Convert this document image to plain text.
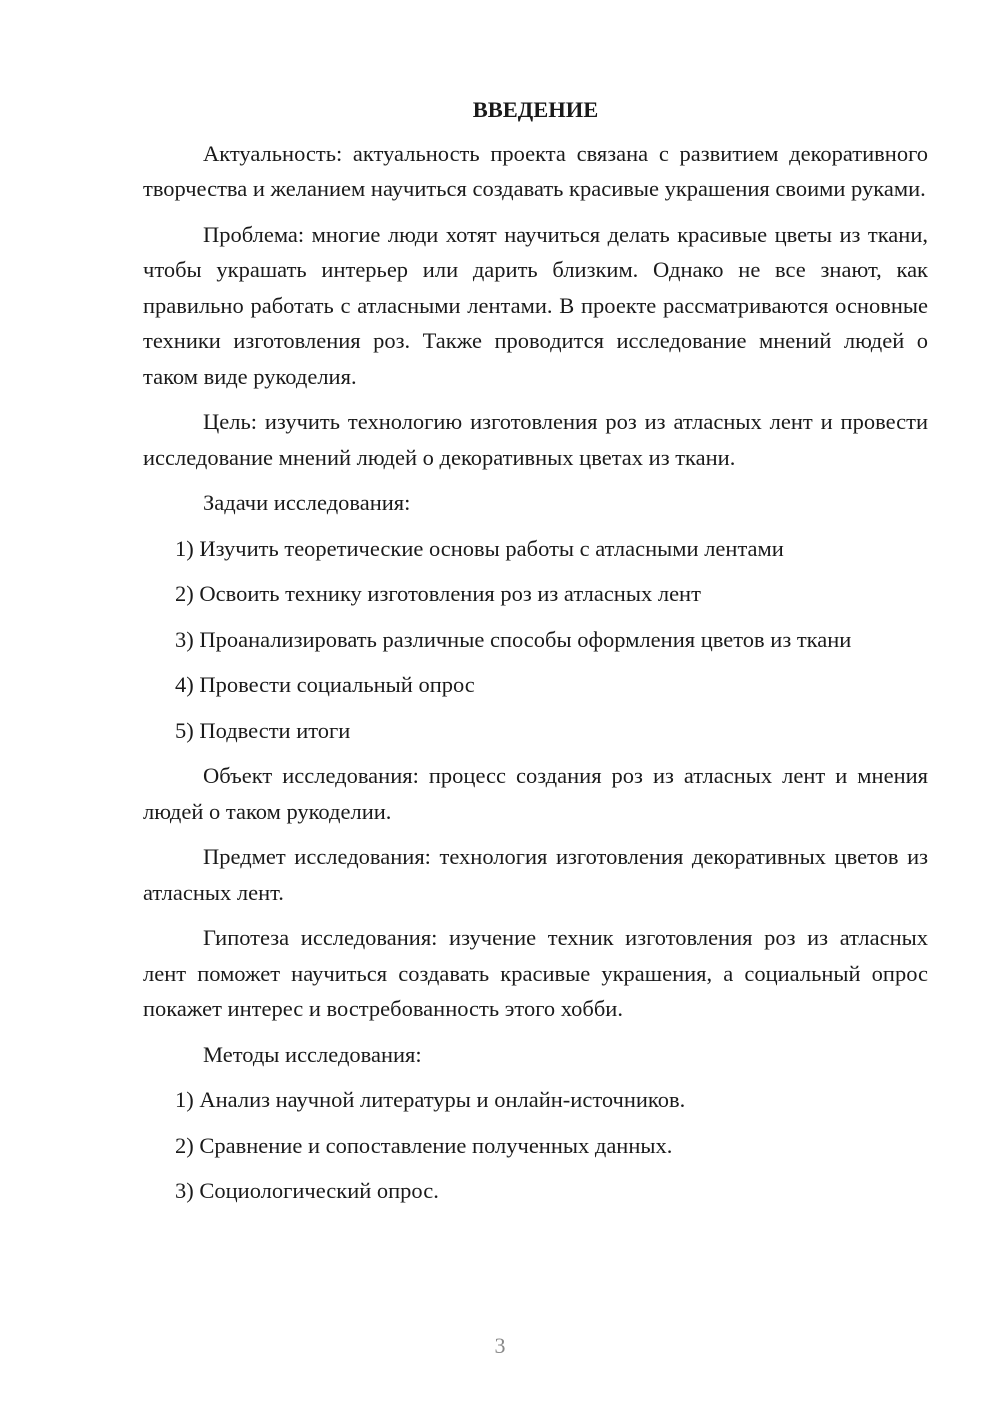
ВВЕДЕНИЕ
Актуальность: актуальность проекта связана с развитием декоративного творчества и желанием научиться создавать красивые украшения своими руками.
Проблема: многие люди хотят научиться делать красивые цветы из ткани, чтобы украшать интерьер или дарить близким. Однако не все знают, как правильно работать с атласными лентами. В проекте рассматриваются основные техники изготовления роз. Также проводится исследование мнений людей о таком виде рукоделия.
Цель: изучить технологию изготовления роз из атласных лент и провести исследование мнений людей о декоративных цветах из ткани.
Задачи исследования:
1) Изучить теоретические основы работы с атласными лентами
2) Освоить технику изготовления роз из атласных лент
3) Проанализировать различные способы оформления цветов из ткани
4) Провести социальный опрос
5) Подвести итоги
Объект исследования: процесс создания роз из атласных лент и мнения людей о таком рукоделии.
Предмет исследования: технология изготовления декоративных цветов из атласных лент.
Гипотеза исследования: изучение техник изготовления роз из атласных лент поможет научиться создавать красивые украшения, а социальный опрос покажет интерес и востребованность этого хобби.
Методы исследования:
1) Анализ научной литературы и онлайн-источников.
2) Сравнение и сопоставление полученных данных.
3) Социологический опрос.
3
